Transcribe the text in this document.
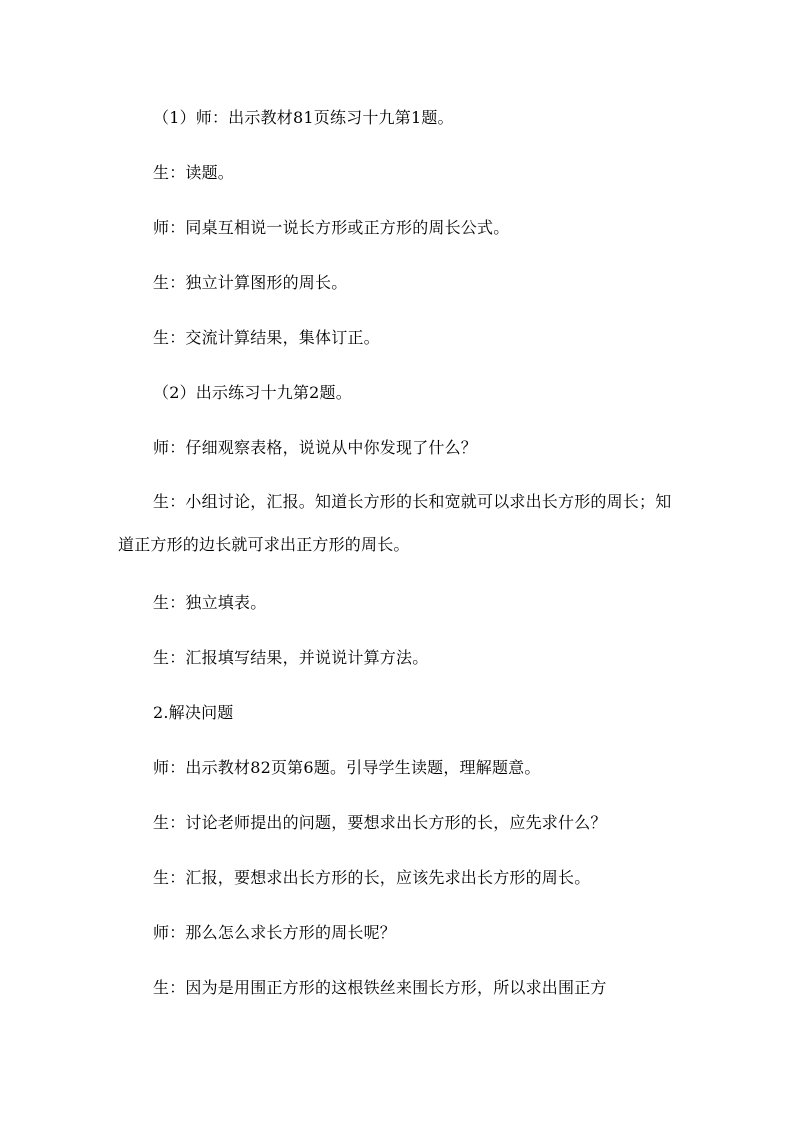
（1）师：出示教材81页练习十九第1题。

生：读题。

师：同桌互相说一说长方形或正方形的周长公式。

生：独立计算图形的周长。

生：交流计算结果，集体订正。

（2）出示练习十九第2题。

师：仔细观察表格，说说从中你发现了什么？

生：小组讨论，汇报。知道长方形的长和宽就可以求出长方形的周长；知道正方形的边长就可求出正方形的周长。

生：独立填表。

生：汇报填写结果，并说说计算方法。

2.解决问题

师：出示教材82页第6题。引导学生读题，理解题意。

生：讨论老师提出的问题，要想求出长方形的长，应先求什么？

生：汇报，要想求出长方形的长，应该先求出长方形的周长。

师：那么怎么求长方形的周长呢？

生：因为是用围正方形的这根铁丝来围长方形，所以求出围正方
